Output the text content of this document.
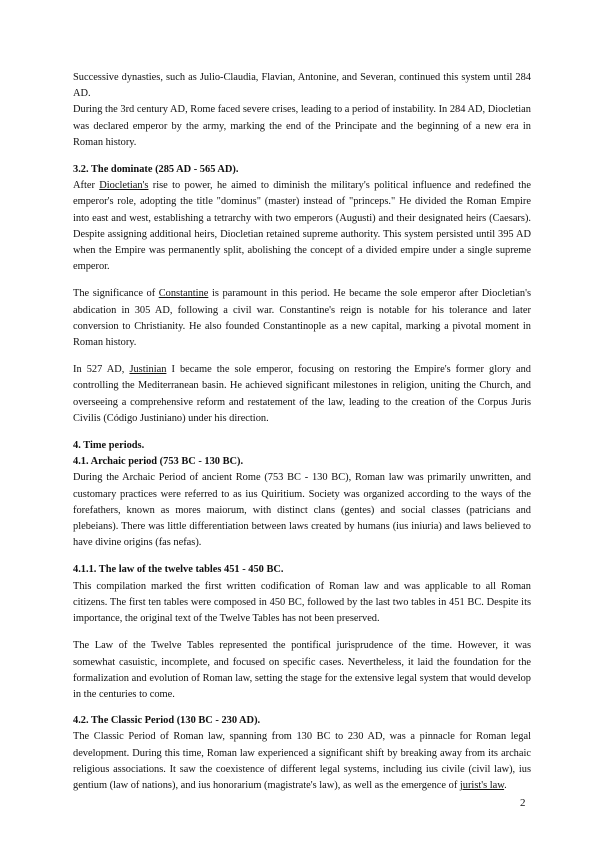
Successive dynasties, such as Julio-Claudia, Flavian, Antonine, and Severan, continued this system until 284 AD.

During the 3rd century AD, Rome faced severe crises, leading to a period of instability. In 284 AD, Diocletian was declared emperor by the army, marking the end of the Principate and the beginning of a new era in Roman history.

3.2. The dominate (285 AD - 565 AD).

After Diocletian's rise to power, he aimed to diminish the military's political influence and redefined the emperor's role, adopting the title "dominus" (master) instead of "princeps." He divided the Roman Empire into east and west, establishing a tetrarchy with two emperors (Augusti) and their designated heirs (Caesars). Despite assigning additional heirs, Diocletian retained supreme authority. This system persisted until 395 AD when the Empire was permanently split, abolishing the concept of a divided empire under a single supreme emperor.

The significance of Constantine is paramount in this period. He became the sole emperor after Diocletian's abdication in 305 AD, following a civil war. Constantine's reign is notable for his tolerance and later conversion to Christianity. He also founded Constantinople as a new capital, marking a pivotal moment in Roman history.

In 527 AD, Justinian I became the sole emperor, focusing on restoring the Empire's former glory and controlling the Mediterranean basin. He achieved significant milestones in religion, uniting the Church, and overseeing a comprehensive reform and restatement of the law, leading to the creation of the Corpus Juris Civilis (Código Justiniano) under his direction.

4. Time periods.

4.1. Archaic period (753 BC - 130 BC).

During the Archaic Period of ancient Rome (753 BC - 130 BC), Roman law was primarily unwritten, and customary practices were referred to as ius Quiritium. Society was organized according to the ways of the forefathers, known as mores maiorum, with distinct clans (gentes) and social classes (patricians and plebeians). There was little differentiation between laws created by humans (ius iniuria) and laws believed to have divine origins (fas nefas).

4.1.1. The law of the twelve tables 451 - 450 BC.

This compilation marked the first written codification of Roman law and was applicable to all Roman citizens. The first ten tables were composed in 450 BC, followed by the last two tables in 451 BC. Despite its importance, the original text of the Twelve Tables has not been preserved.

The Law of the Twelve Tables represented the pontifical jurisprudence of the time. However, it was somewhat casuistic, incomplete, and focused on specific cases. Nevertheless, it laid the foundation for the formalization and evolution of Roman law, setting the stage for the extensive legal system that would develop in the centuries to come.

4.2. The Classic Period (130 BC - 230 AD).

The Classic Period of Roman law, spanning from 130 BC to 230 AD, was a pinnacle for Roman legal development. During this time, Roman law experienced a significant shift by breaking away from its archaic religious associations. It saw the coexistence of different legal systems, including ius civile (civil law), ius gentium (law of nations), and ius honorarium (magistrate's law), as well as the emergence of jurist's law.

2
